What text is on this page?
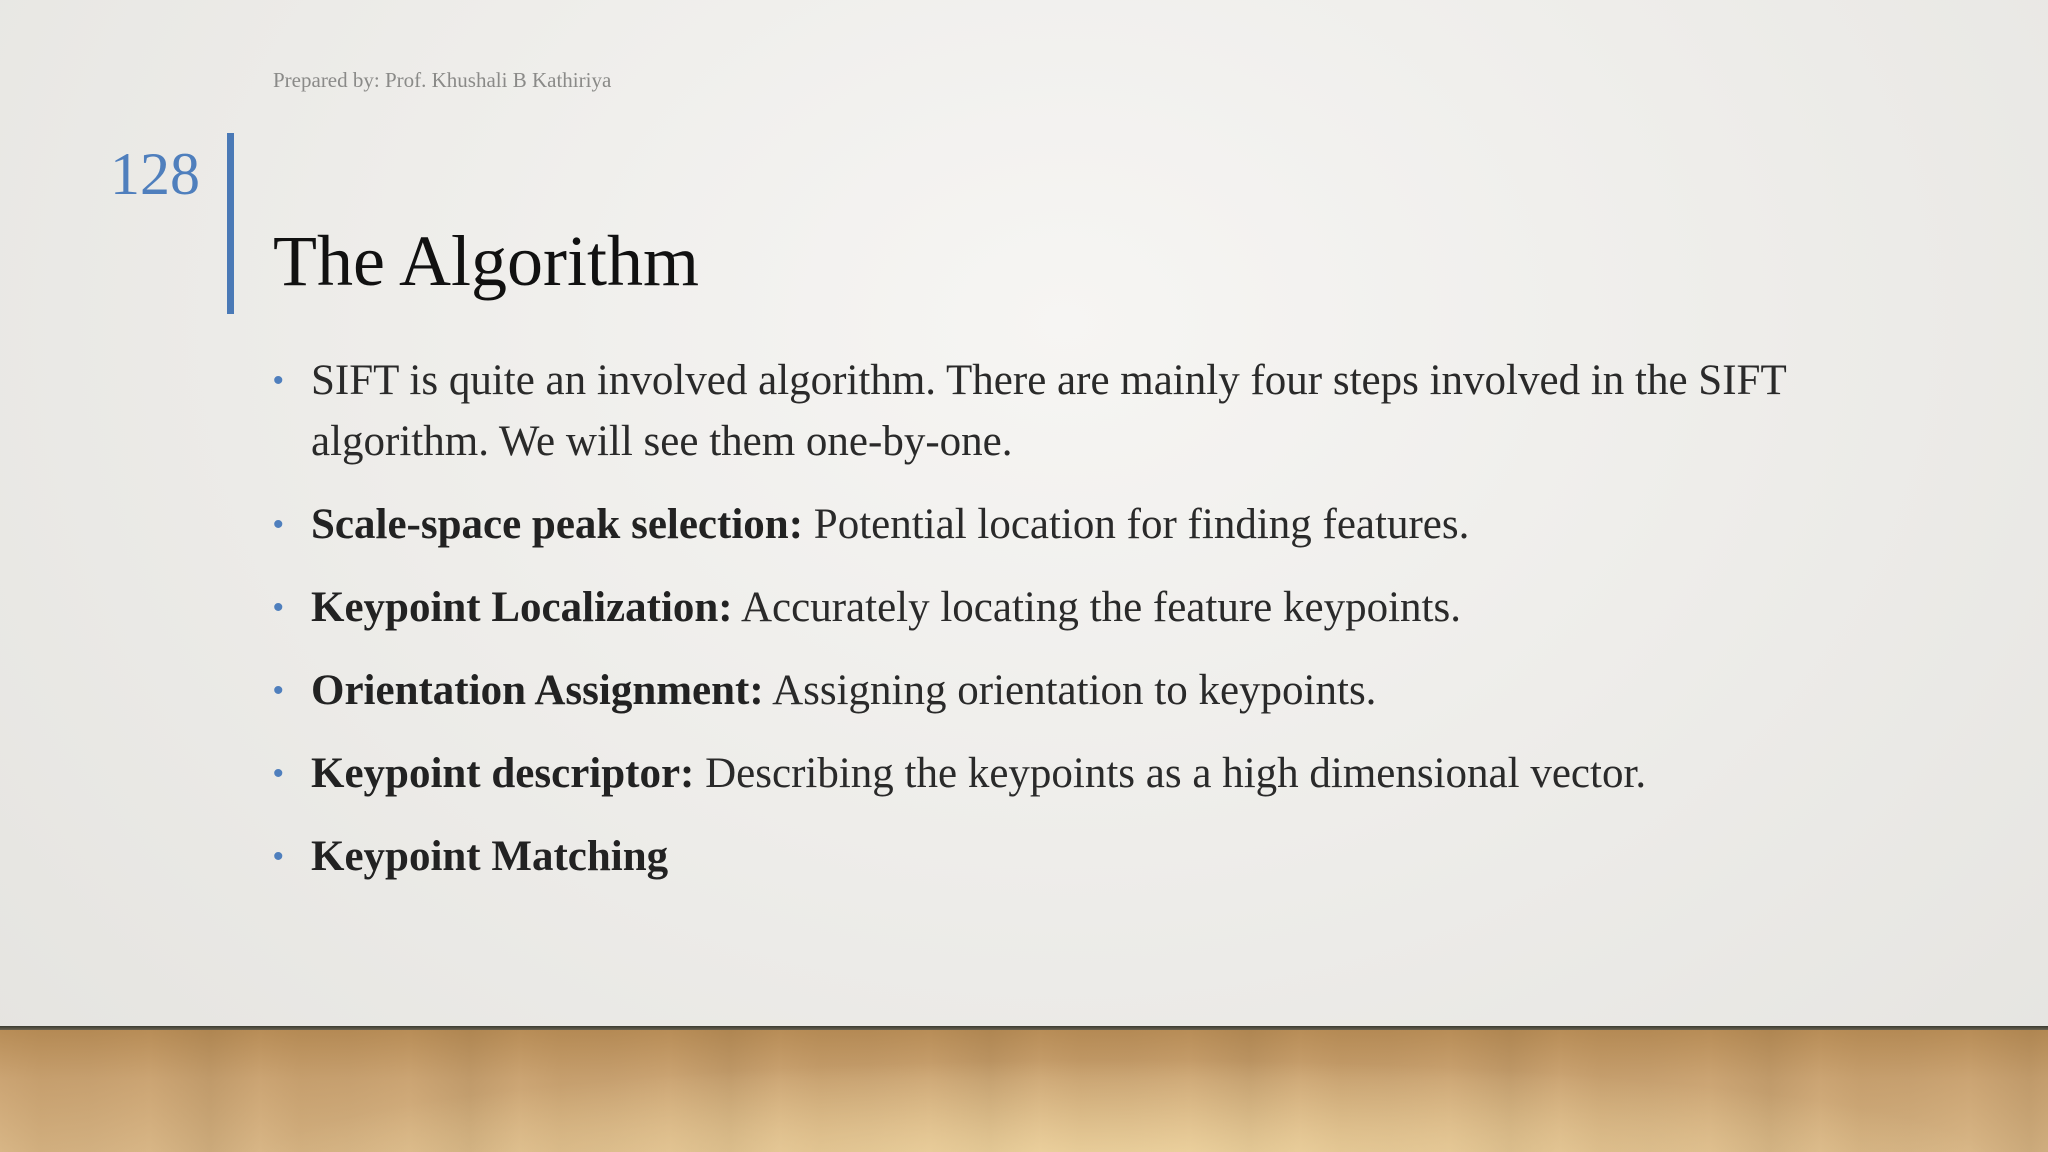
Prepared by: Prof. Khushali B Kathiriya
128
The Algorithm
• SIFT is quite an involved algorithm. There are mainly four steps involved in the SIFT algorithm. We will see them one-by-one.
• Scale-space peak selection: Potential location for finding features.
• Keypoint Localization: Accurately locating the feature keypoints.
• Orientation Assignment: Assigning orientation to keypoints.
• Keypoint descriptor: Describing the keypoints as a high dimensional vector.
• Keypoint Matching
